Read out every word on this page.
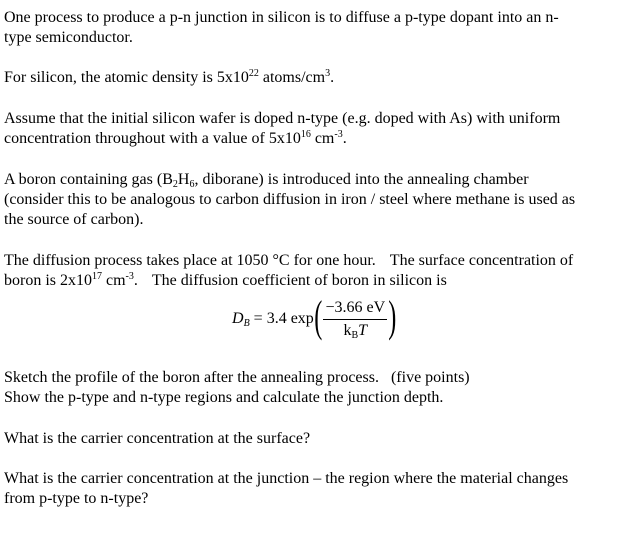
One process to produce a p-n junction in silicon is to diffuse a p-type dopant into an n-
type semiconductor.

For silicon, the atomic density is $5x10^{22}$ atoms/$cm^3$.

Assume that the initial silicon wafer is doped n-type (e.g. doped with As) with uniform
concentration throughout with a value of $5x10^{16}$ $cm^{-3}$.

A boron containing gas ($B_2H_6$, diborane) is introduced into the annealing chamber
(consider this to be analogous to carbon diffusion in iron / steel where methane is used as
the source of carbon).

The diffusion process takes place at 1050 °C for one hour. The surface concentration of
boron is $2x10^{17}$ $cm^{-3}$. The diffusion coefficient of boron in silicon is

$D_B = 3.4$ exp ( $\frac{-3.66 eV}{k_BT}$ )

Sketch the profile of the boron after the annealing process.   (five points)
Show the p-type and n-type regions and calculate the junction depth.

What is the carrier concentration at the surface?

What is the carrier concentration at the junction – the region where the material changes
from p-type to n-type?
